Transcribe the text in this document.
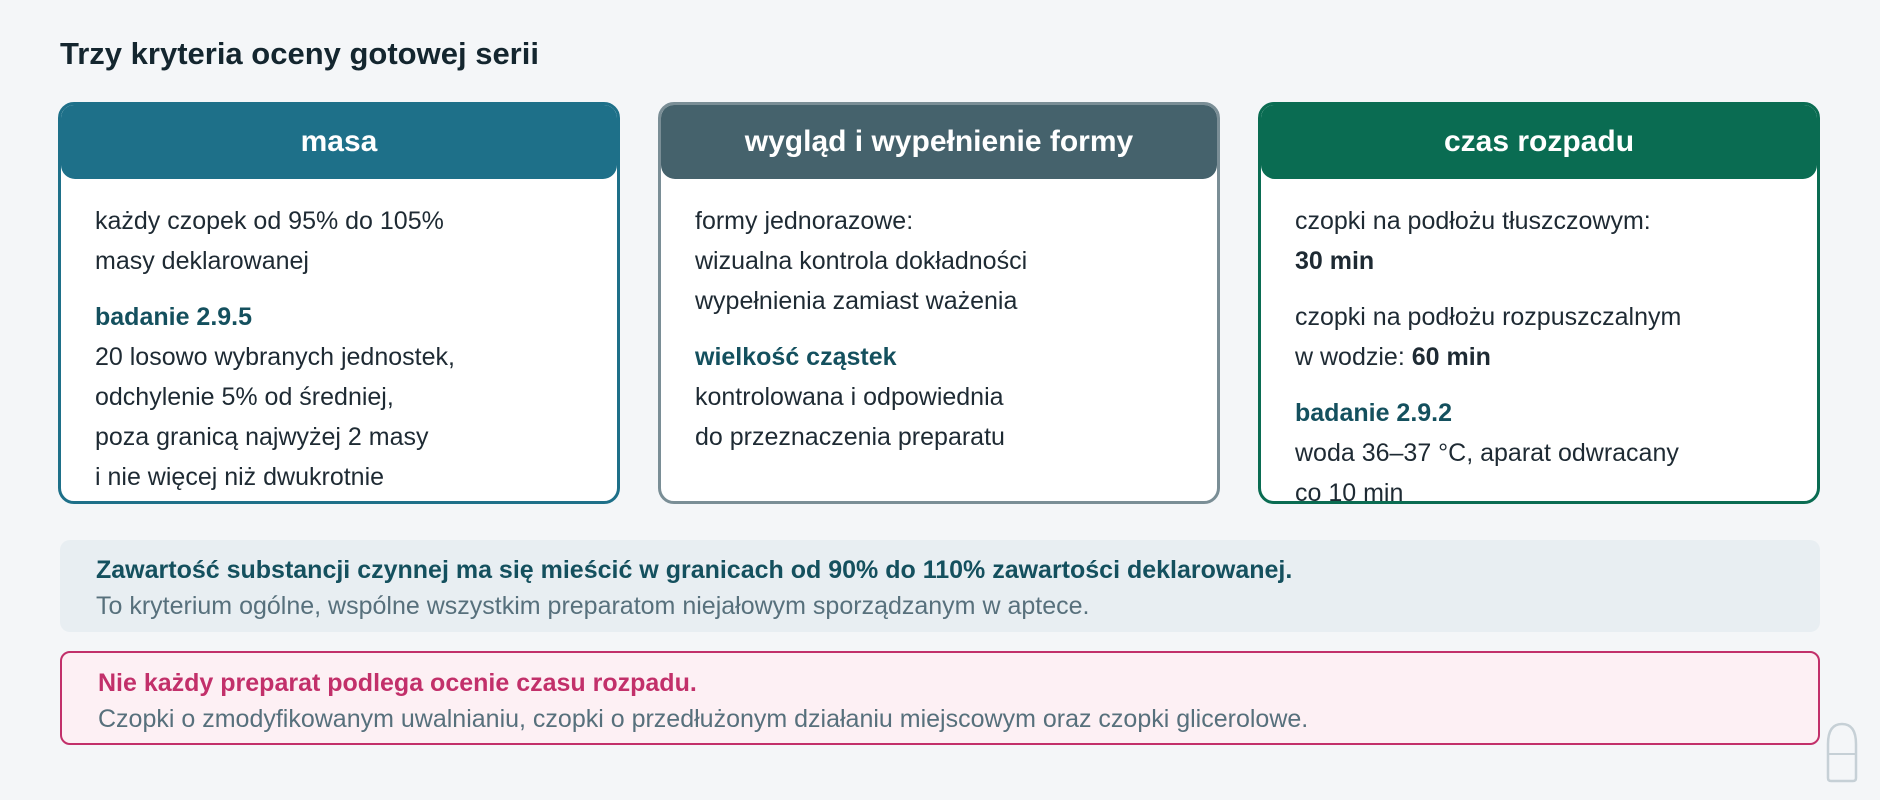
Trzy kryteria oceny gotowej serii
masa

każdy czopek od 95% do 105%

masy deklarowanej

badanie 2.9.5

20 losowo wybranych jednostek,

odchylenie 5% od średniej,

poza granicą najwyżej 2 masy

i nie więcej niż dwukrotnie

wygląd i wypełnienie formy

formy jednorazowe:

wizualna kontrola dokładności

wypełnienia zamiast ważenia

wielkość cząstek

kontrolowana i odpowiednia

do przeznaczenia preparatu

czas rozpadu

czopki na podłożu tłuszczowym:

30 min

czopki na podłożu rozpuszczalnym

w wodzie: 60 min

badanie 2.9.2

woda 36–37 °C, aparat odwracany

co 10 min

Zawartość substancji czynnej ma się mieścić w granicach od 90% do 110% zawartości deklarowanej.

To kryterium ogólne, wspólne wszystkim preparatom niejałowym sporządzanym w aptece.

Nie każdy preparat podlega ocenie czasu rozpadu.

Czopki o zmodyfikowanym uwalnianiu, czopki o przedłużonym działaniu miejscowym oraz czopki glicerolowe.
